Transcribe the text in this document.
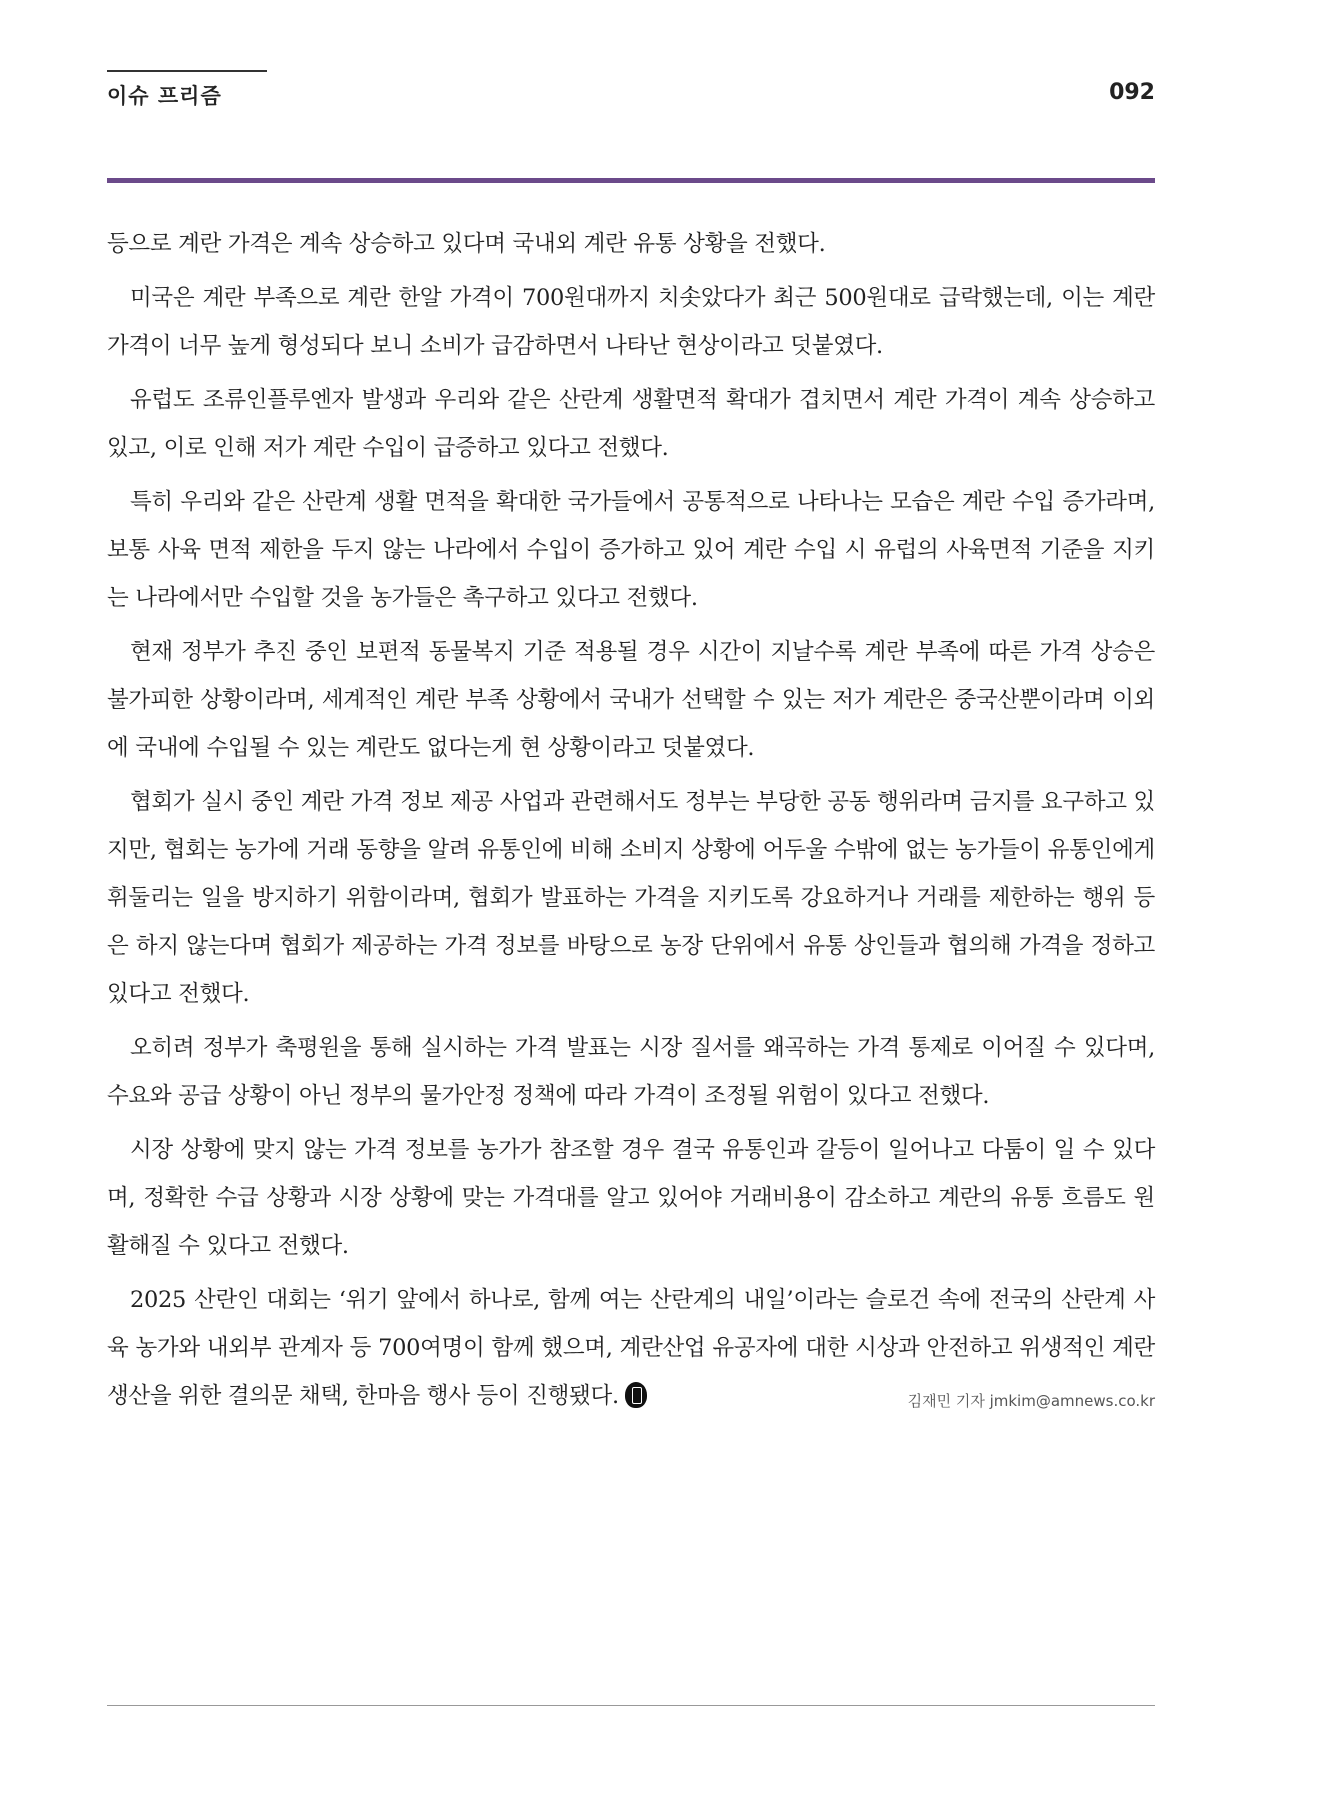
이슈 프리즘	092

등으로 계란 가격은 계속 상승하고 있다며 국내외 계란 유통 상황을 전했다.

미국은 계란 부족으로 계란 한알 가격이 700원대까지 치솟았다가 최근 500원대로 급락했는데, 이는 계란 가격이 너무 높게 형성되다 보니 소비가 급감하면서 나타난 현상이라고 덧붙였다.

유럽도 조류인플루엔자 발생과 우리와 같은 산란계 생활면적 확대가 겹치면서 계란 가격이 계속 상승하고 있고, 이로 인해 저가 계란 수입이 급증하고 있다고 전했다.

특히 우리와 같은 산란계 생활 면적을 확대한 국가들에서 공통적으로 나타나는 모습은 계란 수입 증가라며, 보통 사육 면적 제한을 두지 않는 나라에서 수입이 증가하고 있어 계란 수입 시 유럽의 사육면적 기준을 지키는 나라에서만 수입할 것을 농가들은 촉구하고 있다고 전했다.

현재 정부가 추진 중인 보편적 동물복지 기준 적용될 경우 시간이 지날수록 계란 부족에 따른 가격 상승은 불가피한 상황이라며, 세계적인 계란 부족 상황에서 국내가 선택할 수 있는 저가 계란은 중국산뿐이라며 이외에 국내에 수입될 수 있는 계란도 없다는게 현 상황이라고 덧붙였다.

협회가 실시 중인 계란 가격 정보 제공 사업과 관련해서도 정부는 부당한 공동 행위라며 금지를 요구하고 있지만, 협회는 농가에 거래 동향을 알려 유통인에 비해 소비지 상황에 어두울 수밖에 없는 농가들이 유통인에게 휘둘리는 일을 방지하기 위함이라며, 협회가 발표하는 가격을 지키도록 강요하거나 거래를 제한하는 행위 등은 하지 않는다며 협회가 제공하는 가격 정보를 바탕으로 농장 단위에서 유통 상인들과 협의해 가격을 정하고 있다고 전했다.

오히려 정부가 축평원을 통해 실시하는 가격 발표는 시장 질서를 왜곡하는 가격 통제로 이어질 수 있다며, 수요와 공급 상황이 아닌 정부의 물가안정 정책에 따라 가격이 조정될 위험이 있다고 전했다.

시장 상황에 맞지 않는 가격 정보를 농가가 참조할 경우 결국 유통인과 갈등이 일어나고 다툼이 일 수 있다며, 정확한 수급 상황과 시장 상황에 맞는 가격대를 알고 있어야 거래비용이 감소하고 계란의 유통 흐름도 원활해질 수 있다고 전했다.

2025 산란인 대회는 ‘위기 앞에서 하나로, 함께 여는 산란계의 내일’이라는 슬로건 속에 전국의 산란계 사육 농가와 내외부 관계자 등 700여명이 함께 했으며, 계란산업 유공자에 대한 시상과 안전하고 위생적인 계란 생산을 위한 결의문 채택, 한마음 행사 등이 진행됐다.	김재민 기자 jmkim@amnews.co.kr
